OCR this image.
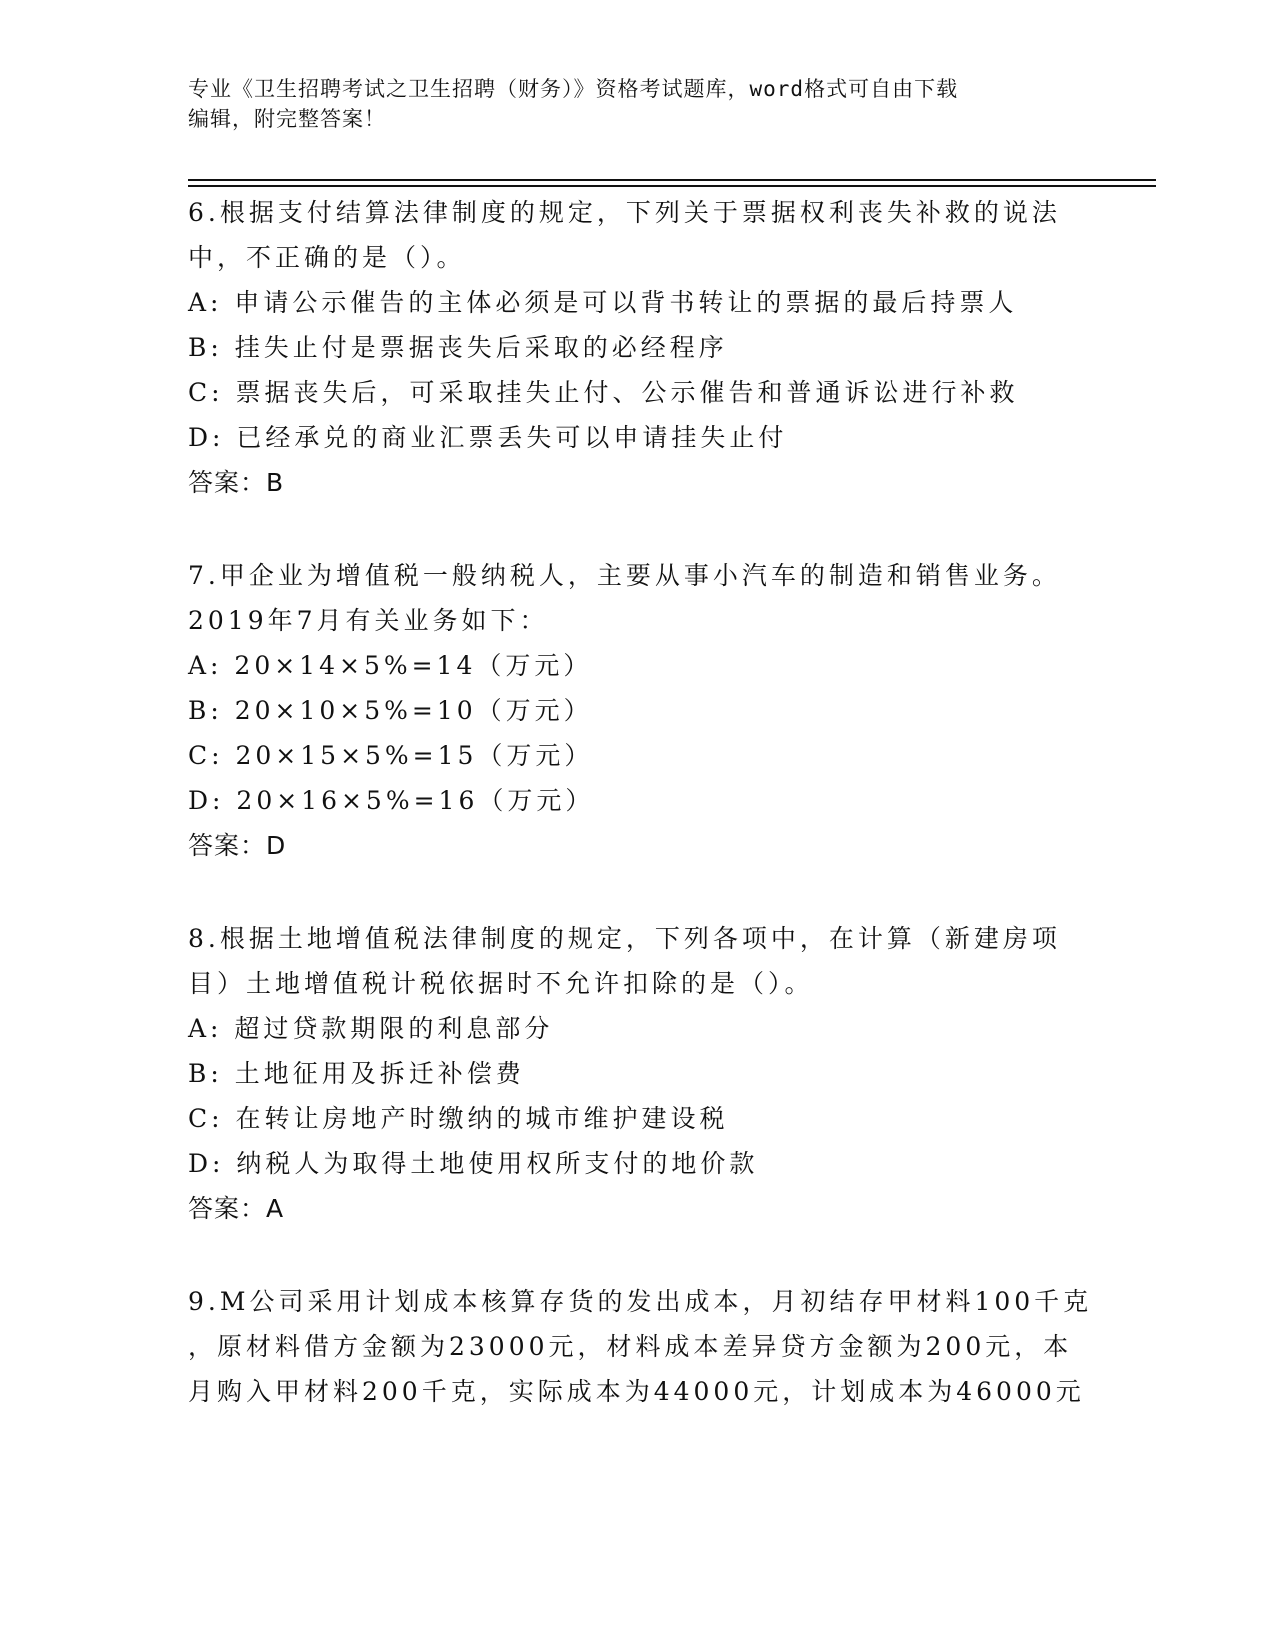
专业《卫生招聘考试之卫生招聘（财务）》资格考试题库，word格式可自由下载
编辑，附完整答案！
6.根据支付结算法律制度的规定，下列关于票据权利丧失补救的说法
中，不正确的是（）。
A: 申请公示催告的主体必须是可以背书转让的票据的最后持票人
B: 挂失止付是票据丧失后采取的必经程序
C: 票据丧失后，可采取挂失止付、公示催告和普通诉讼进行补救
D: 已经承兑的商业汇票丢失可以申请挂失止付
答案：B
7.甲企业为增值税一般纳税人，主要从事小汽车的制造和销售业务。
2019年7月有关业务如下：
A: 20×14×5%=14（万元）
B: 20×10×5%=10（万元）
C: 20×15×5%=15（万元）
D: 20×16×5%=16（万元）
答案：D
8.根据土地增值税法律制度的规定，下列各项中，在计算（新建房项
目）土地增值税计税依据时不允许扣除的是（）。
A: 超过贷款期限的利息部分
B: 土地征用及拆迁补偿费
C: 在转让房地产时缴纳的城市维护建设税
D: 纳税人为取得土地使用权所支付的地价款
答案：A
9.M公司采用计划成本核算存货的发出成本，月初结存甲材料100千克
，原材料借方金额为23000元，材料成本差异贷方金额为200元，本
月购入甲材料200千克，实际成本为44000元，计划成本为46000元
